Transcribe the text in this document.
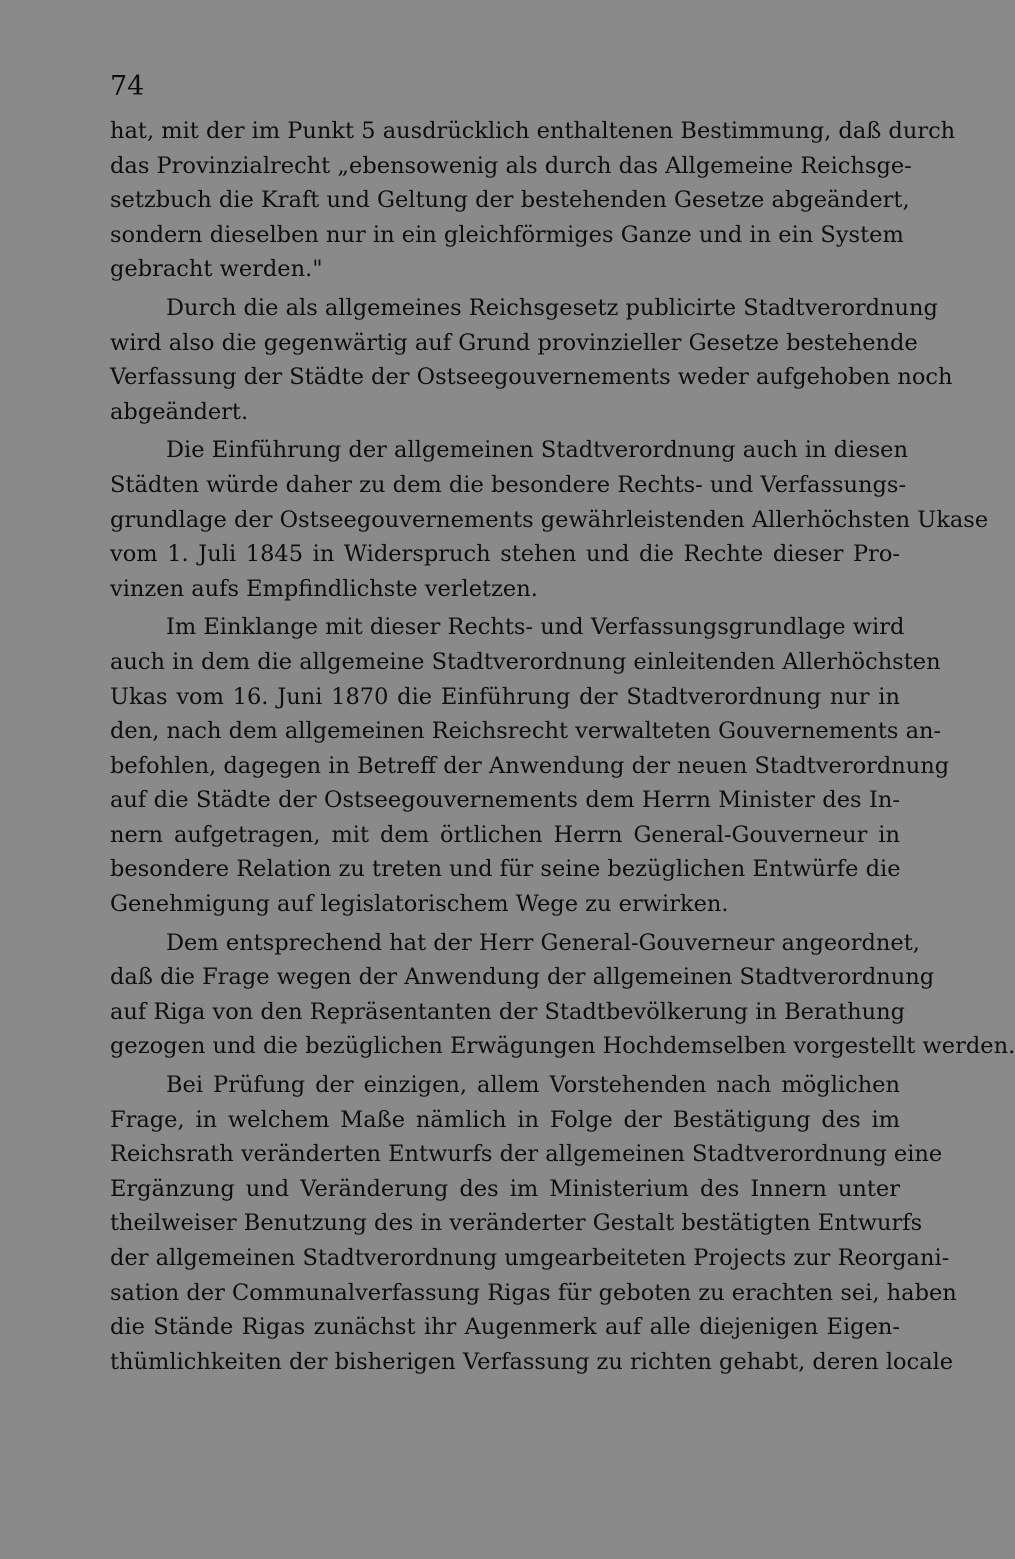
74

hat, mit der im Punkt 5 ausdrücklich enthaltenen Bestimmung, daß durch
das Provinzialrecht „ebensowenig als durch das Allgemeine Reichsge-
setzbuch die Kraft und Geltung der bestehenden Gesetze abgeändert,
sondern dieselben nur in ein gleichförmiges Ganze und in ein System
gebracht werden."
Durch die als allgemeines Reichsgesetz publicirte Stadtverordnung
wird also die gegenwärtig auf Grund provinzieller Gesetze bestehende
Verfassung der Städte der Ostseegouvernements weder aufgehoben noch
abgeändert.
Die Einführung der allgemeinen Stadtverordnung auch in diesen
Städten würde daher zu dem die besondere Rechts- und Verfassungs-
grundlage der Ostseegouvernements gewährleistenden Allerhöchsten Ukase
vom 1. Juli 1845 in Widerspruch stehen und die Rechte dieser Pro-
vinzen aufs Empfindlichste verletzen.
Im Einklange mit dieser Rechts- und Verfassungsgrundlage wird
auch in dem die allgemeine Stadtverordnung einleitenden Allerhöchsten
Ukas vom 16. Juni 1870 die Einführung der Stadtverordnung nur in
den, nach dem allgemeinen Reichsrecht verwalteten Gouvernements an-
befohlen, dagegen in Betreff der Anwendung der neuen Stadtverordnung
auf die Städte der Ostseegouvernements dem Herrn Minister des In-
nern aufgetragen, mit dem örtlichen Herrn General-Gouverneur in
besondere Relation zu treten und für seine bezüglichen Entwürfe die
Genehmigung auf legislatorischem Wege zu erwirken.
Dem entsprechend hat der Herr General-Gouverneur angeordnet,
daß die Frage wegen der Anwendung der allgemeinen Stadtverordnung
auf Riga von den Repräsentanten der Stadtbevölkerung in Berathung
gezogen und die bezüglichen Erwägungen Hochdemselben vorgestellt werden.
Bei Prüfung der einzigen, allem Vorstehenden nach möglichen
Frage, in welchem Maße nämlich in Folge der Bestätigung des im
Reichsrath veränderten Entwurfs der allgemeinen Stadtverordnung eine
Ergänzung und Veränderung des im Ministerium des Innern unter
theilweiser Benutzung des in veränderter Gestalt bestätigten Entwurfs
der allgemeinen Stadtverordnung umgearbeiteten Projects zur Reorgani-
sation der Communalverfassung Rigas für geboten zu erachten sei, haben
die Stände Rigas zunächst ihr Augenmerk auf alle diejenigen Eigen-
thümlichkeiten der bisherigen Verfassung zu richten gehabt, deren locale
